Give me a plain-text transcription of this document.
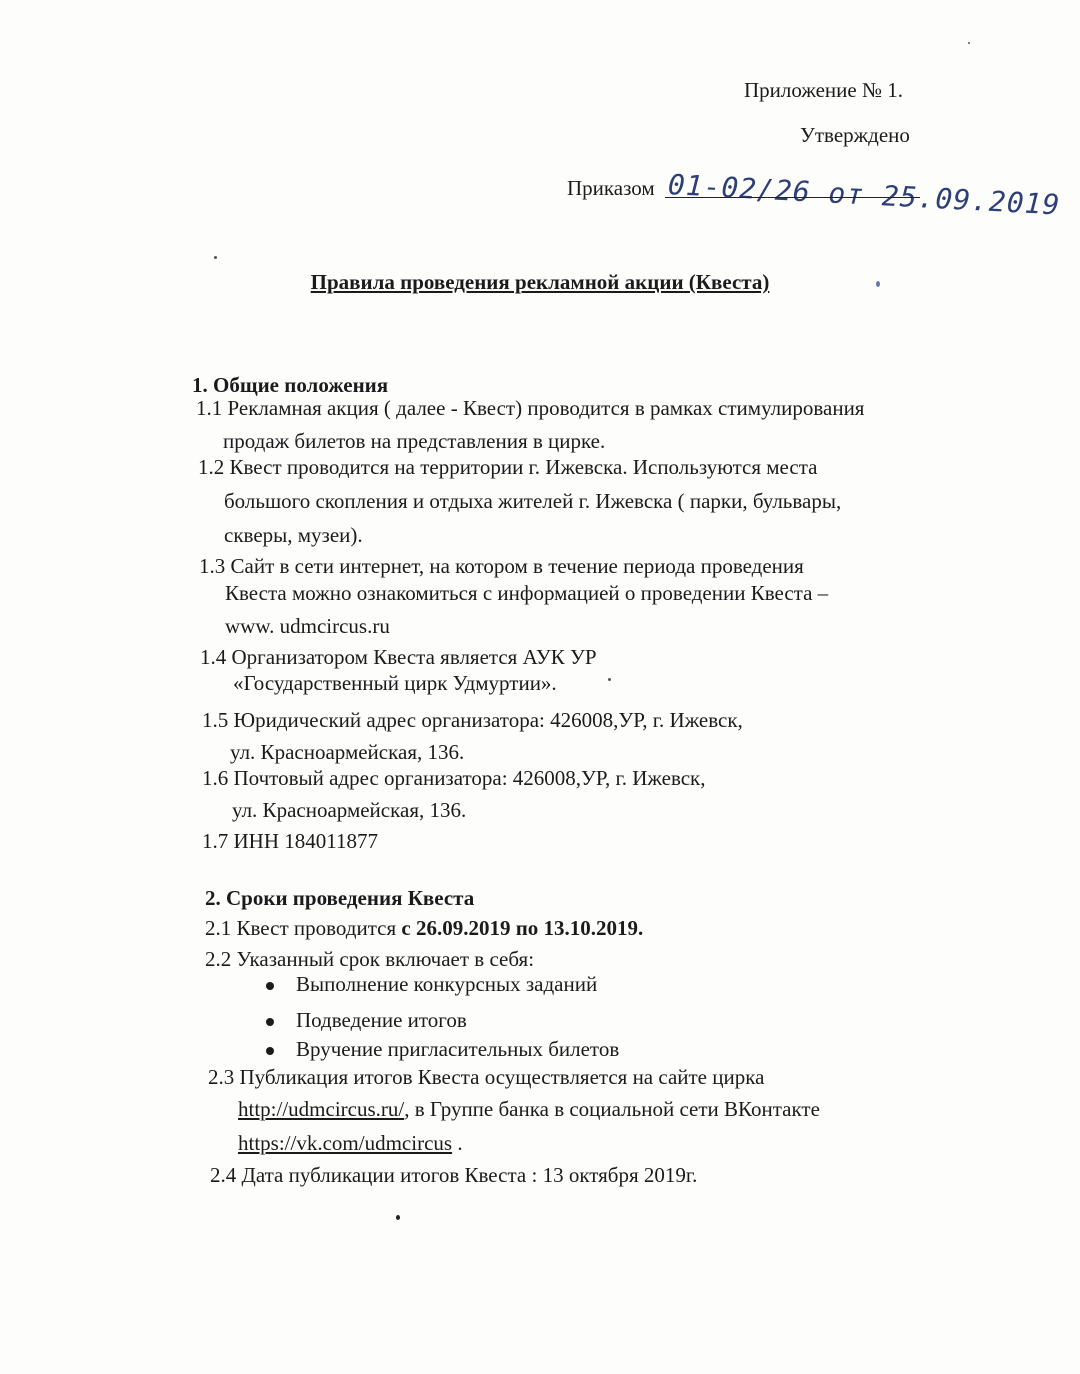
Приложение № 1.
Утверждено
Приказом 01-02/26 от 25.09.2019
Правила проведения рекламной акции (Квеста)
1. Общие положения
1.1 Рекламная акция ( далее - Квест) проводится в рамках стимулирования
продаж билетов на представления в цирке.
1.2 Квест проводится на территории г. Ижевска. Используются места
большого скопления и отдыха жителей г. Ижевска ( парки, бульвары,
скверы, музеи).
1.3 Сайт в сети интернет, на котором в течение периода проведения
Квеста можно ознакомиться с информацией о проведении Квеста –
www. udmcircus.ru
1.4 Организатором Квеста является АУК УР
«Государственный цирк Удмуртии».
1.5 Юридический адрес организатора: 426008,УР, г. Ижевск,
ул. Красноармейская, 136.
1.6 Почтовый адрес организатора: 426008,УР, г. Ижевск,
ул. Красноармейская, 136.
1.7 ИНН 184011877
2. Сроки проведения Квеста
2.1 Квест проводится с 26.09.2019 по 13.10.2019.
2.2 Указанный срок включает в себя:
Выполнение конкурсных заданий
Подведение итогов
Вручение пригласительных билетов
2.3 Публикация итогов Квеста осуществляется на сайте цирка
http://udmcircus.ru/, в Группе банка в социальной сети ВКонтакте
https://vk.com/udmcircus .
2.4 Дата публикации итогов Квеста : 13 октября 2019г.
